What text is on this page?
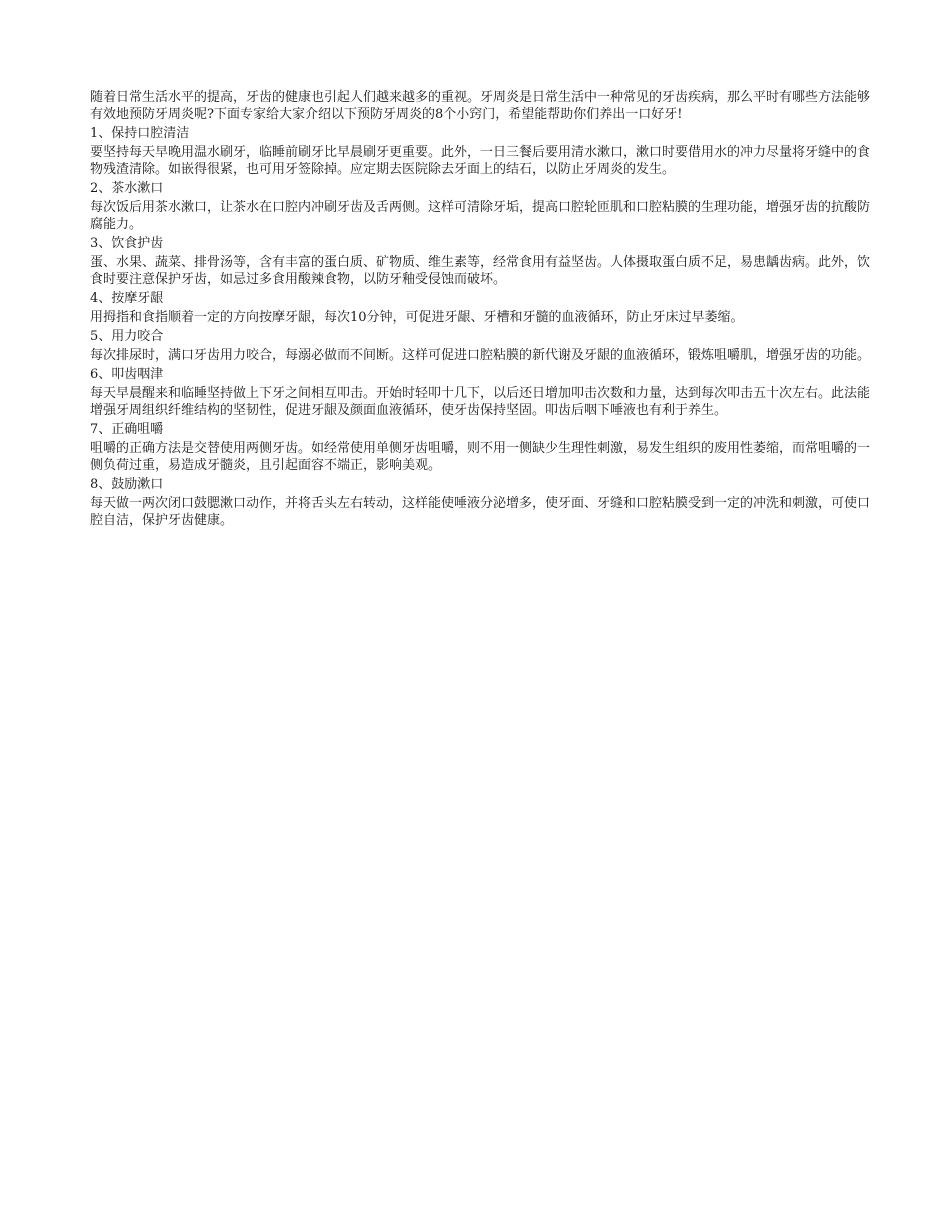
随着日常生活水平的提高，牙齿的健康也引起人们越来越多的重视。牙周炎是日常生活中一种常见的牙齿疾病，那么平时有哪些方法能够有效地预防牙周炎呢?下面专家给大家介绍以下预防牙周炎的8个小窍门，希望能帮助你们养出一口好牙!

1、保持口腔清洁

要坚持每天早晚用温水刷牙，临睡前刷牙比早晨刷牙更重要。此外，一日三餐后要用清水漱口，漱口时要借用水的冲力尽量将牙缝中的食物残渣清除。如嵌得很紧，也可用牙签除掉。应定期去医院除去牙面上的结石，以防止牙周炎的发生。

2、茶水漱口

每次饭后用茶水漱口，让茶水在口腔内冲刷牙齿及舌两侧。这样可清除牙垢，提高口腔轮匝肌和口腔粘膜的生理功能，增强牙齿的抗酸防腐能力。

3、饮食护齿

蛋、水果、蔬菜、排骨汤等，含有丰富的蛋白质、矿物质、维生素等，经常食用有益坚齿。人体摄取蛋白质不足，易患龋齿病。此外，饮食时要注意保护牙齿，如忌过多食用酸辣食物，以防牙釉受侵蚀而破坏。

4、按摩牙龈

用拇指和食指顺着一定的方向按摩牙龈，每次10分钟，可促进牙龈、牙槽和牙髓的血液循环，防止牙床过早萎缩。

5、用力咬合

每次排尿时，满口牙齿用力咬合，每溺必做而不间断。这样可促进口腔粘膜的新代谢及牙龈的血液循环，锻炼咀嚼肌，增强牙齿的功能。

6、叩齿咽津

每天早晨醒来和临睡坚持做上下牙之间相互叩击。开始时轻叩十几下，以后还日增加叩击次数和力量，达到每次叩击五十次左右。此法能增强牙周组织纤维结构的坚韧性，促进牙龈及颜面血液循环，使牙齿保持坚固。叩齿后咽下唾液也有利于养生。

7、正确咀嚼

咀嚼的正确方法是交替使用两侧牙齿。如经常使用单侧牙齿咀嚼，则不用一侧缺少生理性刺激，易发生组织的废用性萎缩，而常咀嚼的一侧负荷过重，易造成牙髓炎，且引起面容不端正，影响美观。

8、鼓励漱口

每天做一两次闭口鼓腮漱口动作，并将舌头左右转动，这样能使唾液分泌增多，使牙面、牙缝和口腔粘膜受到一定的冲洗和刺激，可使口腔自洁，保护牙齿健康。
